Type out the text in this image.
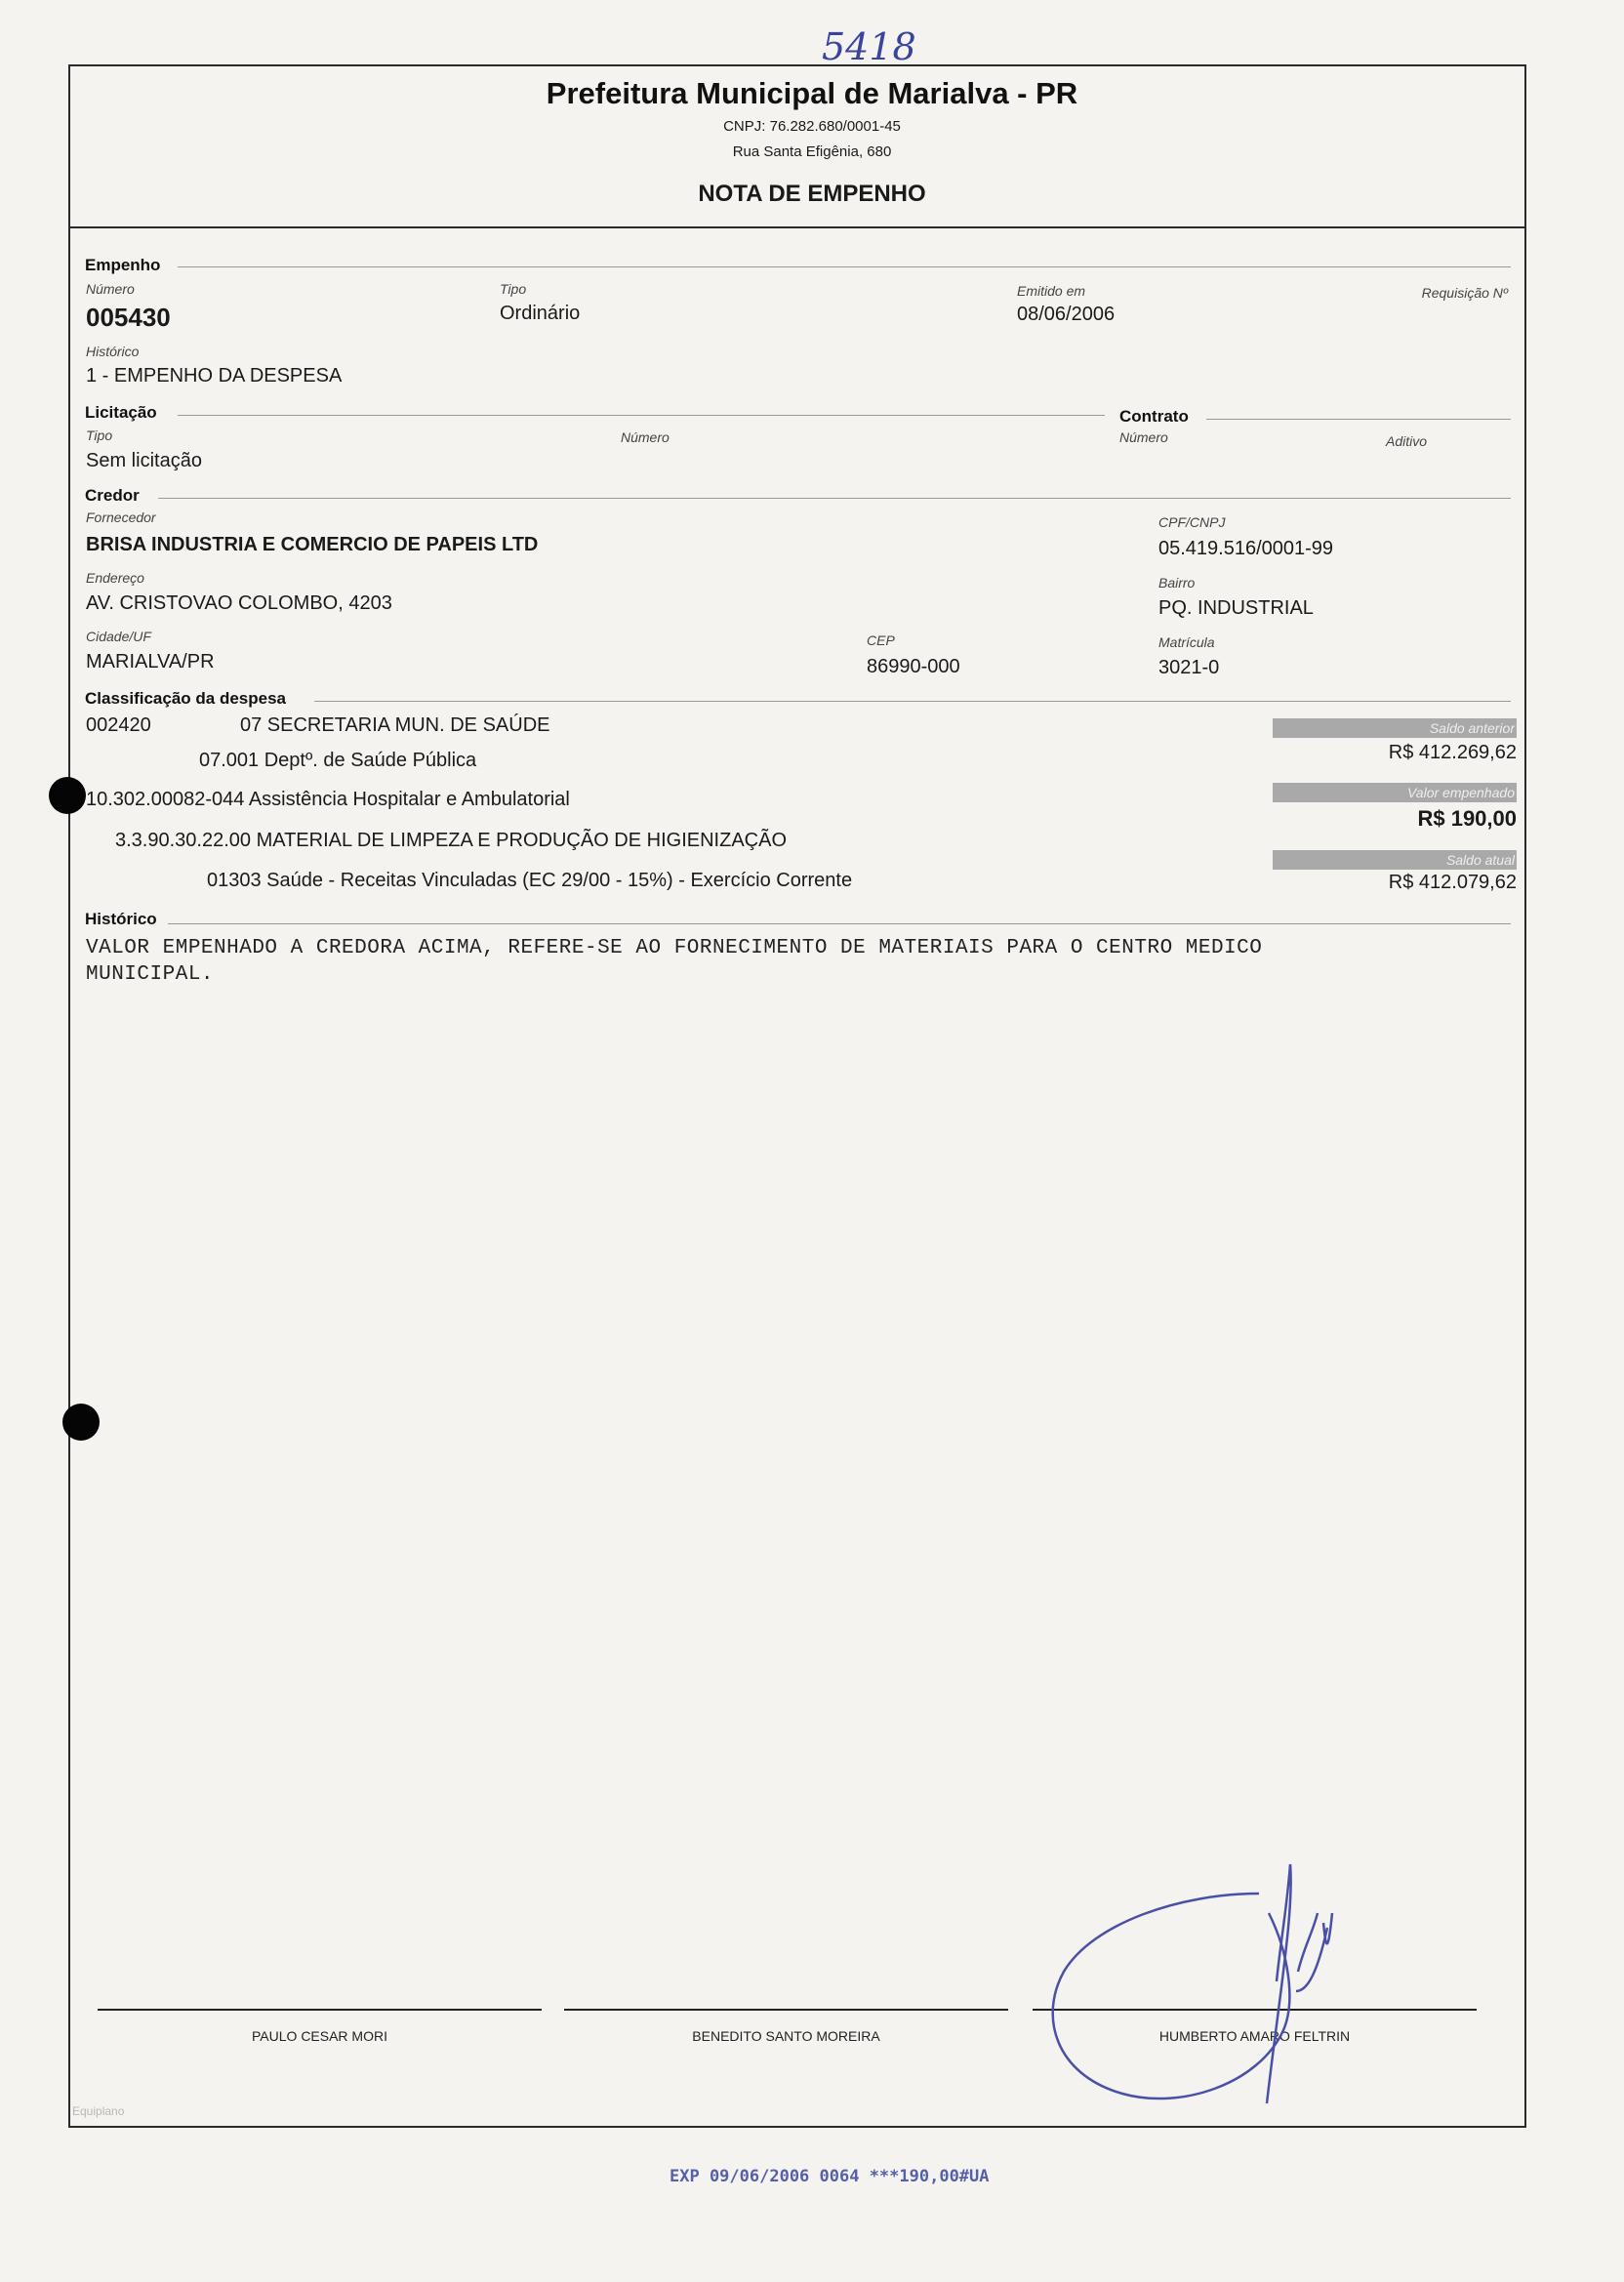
5418
Prefeitura Municipal de Marialva - PR
CNPJ: 76.282.680/0001-45
Rua Santa Efigênia, 680
NOTA DE EMPENHO
Empenho
Número
005430
Tipo
Ordinário
Emitido em
08/06/2006
Requisição Nº
Histórico
1 - EMPENHO DA DESPESA
Licitação
Tipo
Sem licitação
Número
Contrato
Número	Aditivo
Credor
Fornecedor
BRISA INDUSTRIA E COMERCIO DE PAPEIS LTD
CPF/CNPJ
05.419.516/0001-99
Endereço
AV. CRISTOVAO COLOMBO, 4203
Bairro
PQ. INDUSTRIAL
Cidade/UF
MARIALVA/PR
CEP
86990-000
Matrícula
3021-0
Classificação da despesa
002420	07 SECRETARIA MUN. DE SAÚDE
07.001 Deptº. de Saúde Pública
10.302.00082-044 Assistência Hospitalar e Ambulatorial
3.3.90.30.22.00 MATERIAL DE LIMPEZA E PRODUÇÃO DE HIGIENIZAÇÃO
01303 Saúde - Receitas Vinculadas (EC 29/00 - 15%) - Exercício Corrente
Saldo anterior
R$ 412.269,62
Valor empenhado
R$ 190,00
Saldo atual
R$ 412.079,62
Histórico
VALOR EMPENHADO A CREDORA ACIMA, REFERE-SE AO FORNECIMENTO DE MATERIAIS PARA O CENTRO MEDICO
MUNICIPAL.
PAULO CESAR MORI	BENEDITO SANTO MOREIRA	HUMBERTO AMARO FELTRIN
Equiplano
EXP 09/06/2006 0064 ***190,00#UA
